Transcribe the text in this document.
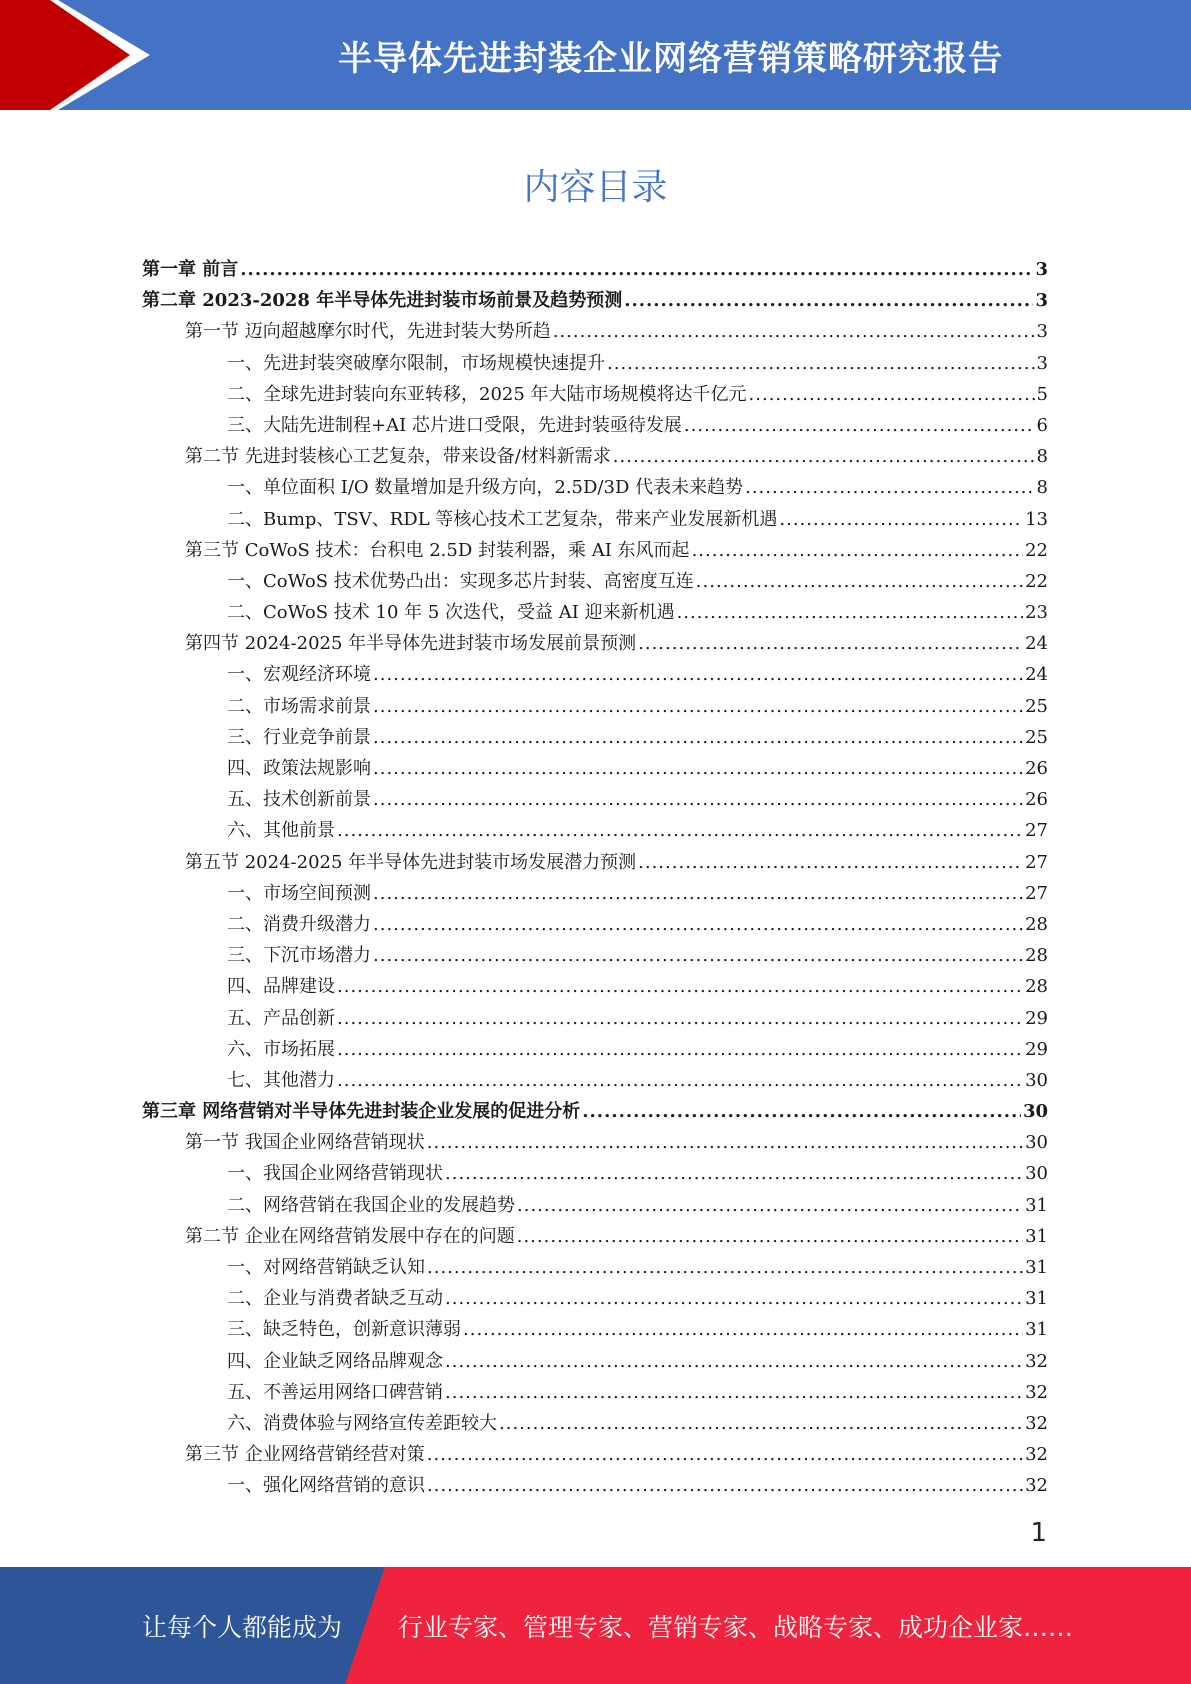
半导体先进封装企业网络营销策略研究报告
内容目录
第一章 前言 .....	3
第二章 2023-2028 年半导体先进封装市场前景及趋势预测 .....	3
第一节 迈向超越摩尔时代，先进封装大势所趋 .....	3
一、先进封装突破摩尔限制，市场规模快速提升 .....	3
二、全球先进封装向东亚转移，2025 年大陆市场规模将达千亿元 .....	5
三、大陆先进制程+AI 芯片进口受限，先进封装亟待发展 .....	6
第二节 先进封装核心工艺复杂，带来设备/材料新需求 .....	8
一、单位面积 I/O 数量增加是升级方向，2.5D/3D 代表未来趋势 .....	8
二、Bump、TSV、RDL 等核心技术工艺复杂，带来产业发展新机遇 .....	13
第三节 CoWoS 技术：台积电 2.5D 封装利器，乘 AI 东风而起 .....	22
一、CoWoS 技术优势凸出：实现多芯片封装、高密度互连 .....	22
二、CoWoS 技术 10 年 5 次迭代，受益 AI 迎来新机遇 .....	23
第四节 2024-2025 年半导体先进封装市场发展前景预测 .....	24
一、宏观经济环境 .....	24
二、市场需求前景 .....	25
三、行业竞争前景 .....	25
四、政策法规影响 .....	26
五、技术创新前景 .....	26
六、其他前景 .....	27
第五节 2024-2025 年半导体先进封装市场发展潜力预测 .....	27
一、市场空间预测 .....	27
二、消费升级潜力 .....	28
三、下沉市场潜力 .....	28
四、品牌建设 .....	28
五、产品创新 .....	29
六、市场拓展 .....	29
七、其他潜力 .....	30
第三章 网络营销对半导体先进封装企业发展的促进分析 .....	30
第一节 我国企业网络营销现状 .....	30
一、我国企业网络营销现状 .....	30
二、网络营销在我国企业的发展趋势 .....	31
第二节 企业在网络营销发展中存在的问题 .....	31
一、对网络营销缺乏认知 .....	31
二、企业与消费者缺乏互动 .....	31
三、缺乏特色，创新意识薄弱 .....	31
四、企业缺乏网络品牌观念 .....	32
五、不善运用网络口碑营销 .....	32
六、消费体验与网络宣传差距较大 .....	32
第三节 企业网络营销经营对策 .....	32
一、强化网络营销的意识 .....	32
1
让每个人都能成为 行业专家、管理专家、营销专家、战略专家、成功企业家……
